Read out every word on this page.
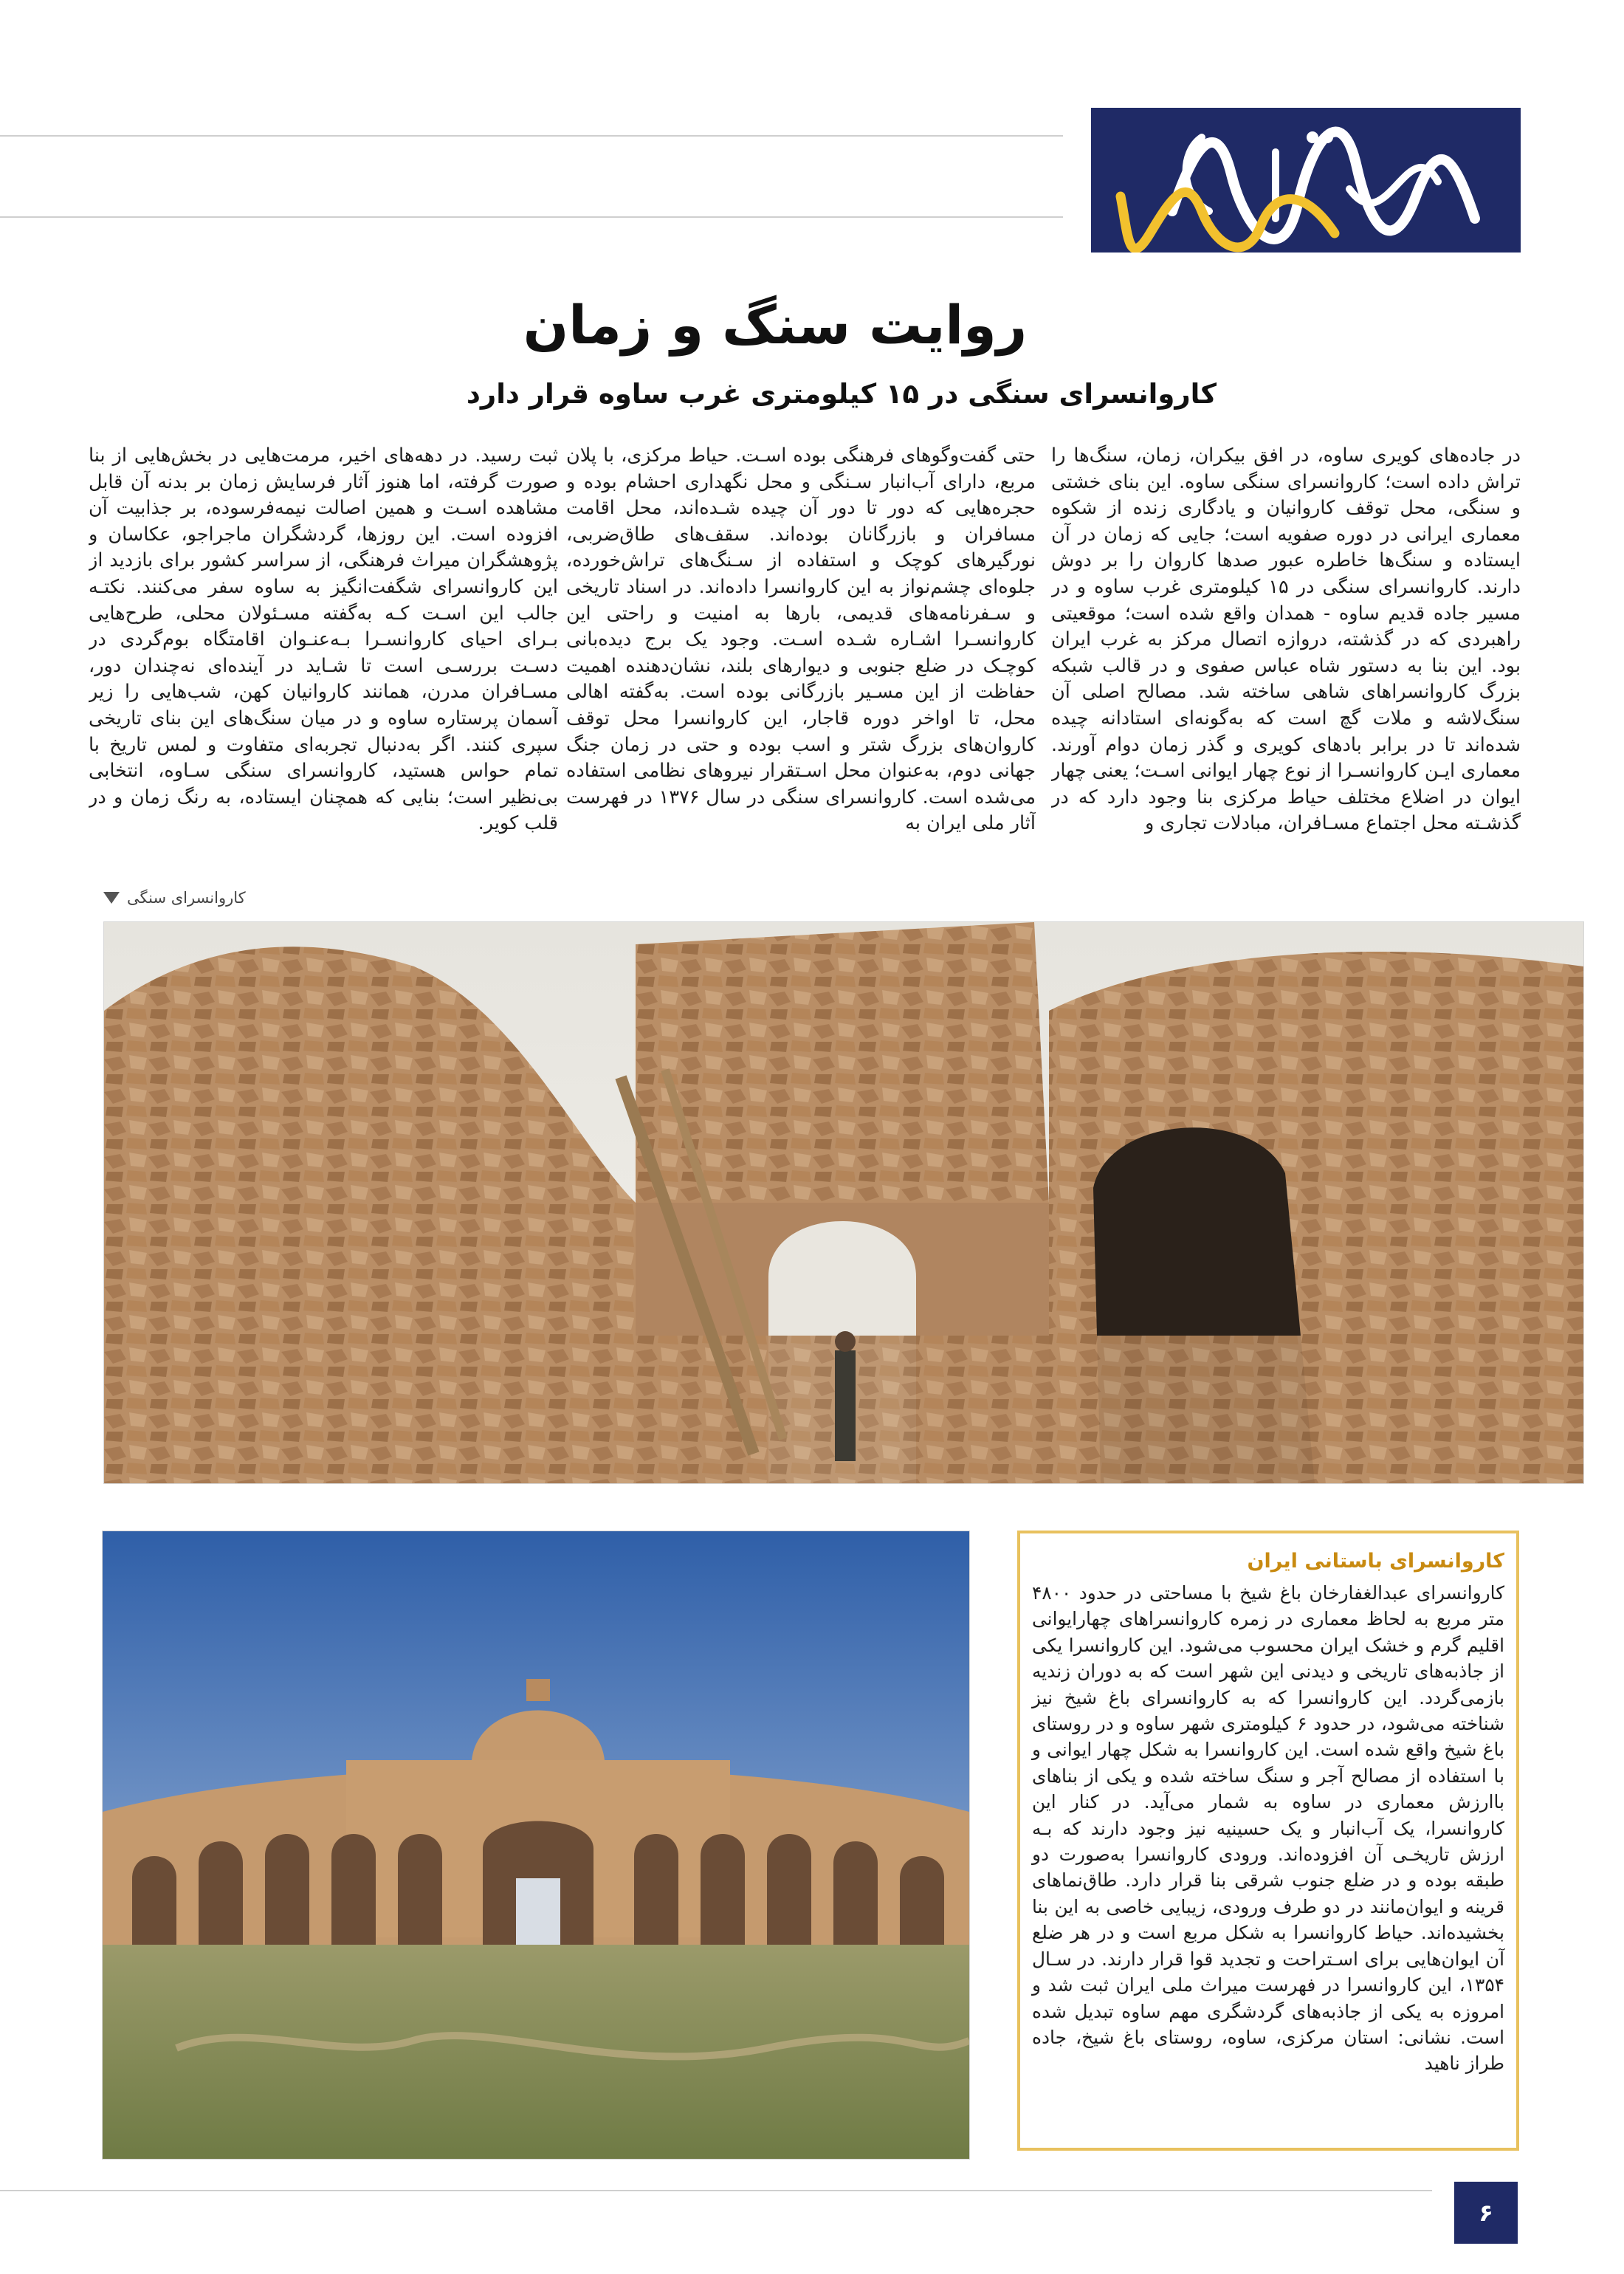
روایت سنگ و زمان
کاروانسرای سنگی در ۱۵ کیلومتری غرب ساوه قرار دارد

در جاده‌های کویری ساوه، در افق بیکران، زمان، سنگ‌ها را تراش داده است؛ کاروانسرای سنگی ساوه. این بنای خشتی و سنگی، محل توقف کاروانیان و یادگاری زنده از شکوه معماری ایرانی در دوره صفویه است؛ جایی که زمان در آن ایستاده و سنگ‌ها خاطره عبور صدها کاروان را بر دوش دارند. کاروانسرای سنگی در ۱۵ کیلومتری غرب ساوه و در مسیر جاده قدیم ساوه - همدان واقع شده است؛ موقعیتی راهبردی که در گذشته، دروازه اتصال مرکز به غرب ایران بود. این بنا به دستور شاه عباس صفوی و در قالب شبکه بزرگ کاروانسراهای شاهی ساخته شد. مصالح اصلی آن سنگ‌لاشه و ملات گچ است که به‌گونه‌ای استادانه چیده شده‌اند تا در برابر بادهای کویری و گذر زمان دوام آورند. معماری ایـن کاروانسـرا از نوع چهار ایوانی اسـت؛ یعنی چهار ایوان در اضلاع مختلف حیاط مرکزی بنا وجود دارد که در گذشـته محل اجتماع مسـافران، مبادلات تجاری و

حتی گفت‌وگوهای فرهنگی بوده اسـت. حیاط مرکزی، با پلان مربع، دارای آب‌انبار سـنگی و محل نگهداری احشام بوده و حجره‌هایی که دور تا دور آن چیده شـده‌اند، محل اقامت مسافران و بازرگانان بوده‌اند. سقف‌های طاق‌ضربی، نورگیرهای کوچک و استفاده از سـنگ‌های تراش‌خورده، جلوه‌ای چشم‌نواز به این کاروانسرا داده‌اند. در اسناد تاریخی و سـفرنامه‌های قدیمی، بارها به امنیت و راحتی این کاروانسـرا اشـاره شـده اسـت. وجود یک برج دیده‌بانی کوچـک در ضلع جنوبی و دیوارهای بلند، نشان‌دهنده اهمیت حفاظت از این مسـیر بازرگانی بوده است. به‌گفته اهالی محل، تا اواخر دوره قاجار، این کاروانسرا محل توقف کاروان‌های بزرگ شتر و اسب بوده و حتی در زمان جنگ جهانی دوم، به‌عنوان محل اسـتقرار نیروهای نظامی استفاده می‌شده است. کاروانسرای سنگی در سال ۱۳۷۶ در فهرست آثار ملی ایران به

ثبت رسید. در دهه‌های اخیر، مرمت‌هایی در بخش‌هایی از بنا صورت گرفته، اما هنوز آثار فرسایش زمان بر بدنه آن قابل مشاهده اسـت و همین اصالت نیمه‌فرسوده، بر جذابیت آن افزوده است. این روزها، گردشگران ماجراجو، عکاسان و پژوهشگران میراث فرهنگی، از سراسر کشور برای بازدید از این کاروانسرای شگفت‌انگیز به ساوه سفر می‌کنند. نکتـه جالب این اسـت کـه به‌گفته مسـئولان محلی، طرح‌هایی بـرای احیای کاروانسـرا بـه‌عنـوان اقامتگاه بوم‌گردی در دسـت بررسـی است تا شـاید در آینده‌ای نه‌چندان دور، مسـافران مدرن، همانند کاروانیان کهن، شب‌هایی را زیر آسمان پرستاره ساوه و در میان سنگ‌های این بنای تاریخی سپری کنند. اگر به‌دنبال تجربه‌ای متفاوت و لمس تاریخ با تمام حواس هستید، کاروانسرای سنگی سـاوه، انتخابی بی‌نظیر است؛ بنایی که همچنان ایستاده، به رنگ زمان و در قلب کویر.

کاروانسرای سنگی
کاروانسرای باستانی ایران

کاروانسرای عبدالغفارخان باغ شیخ با مساحتی در حدود ۴۸۰۰ متر مربع به لحاظ معماری در زمره کاروانسراهای چهارایوانی اقلیم گرم و خشک ایران محسوب می‌شود. این کاروانسرا یکی از جاذبه‌های تاریخی و دیدنی این شهر است که به دوران زندیه بازمی‌گردد. این کاروانسرا که به کاروانسرای باغ شیخ نیز شناخته می‌شود، در حدود ۶ کیلومتری شهر ساوه و در روستای باغ شیخ واقع شده است. این کاروانسرا به شکل چهار ایوانی و با استفاده از مصالح آجر و سنگ ساخته شده و یکی از بناهای باارزش معماری در ساوه به شمار می‌آید. در کنار این کاروانسرا، یک آب‌انبار و یک حسینیه نیز وجود دارند که بـه ارزش تاریخـی آن افزوده‌اند. ورودی کاروانسرا به‌صورت دو طبقه بوده و در ضلع جنوب شرقی بنا قرار دارد. طاق‌نماهای قرینه و ایوان‌مانند در دو طرف ورودی، زیبایی خاصی به این بنا بخشیده‌اند. حیاط کاروانسرا به شکل مربع است و در هر ضلع آن ایوان‌هایی برای اسـتراحت و تجدید قوا قرار دارند. در سـال ۱۳۵۴، این کاروانسرا در فهرست میراث ملی ایران ثبت شد و امروزه به یکی از جاذبه‌های گردشگری مهم ساوه تبدیل شده است. نشانی: استان مرکزی، ساوه، روستای باغ شیخ، جاده طراز ناهید

۶
